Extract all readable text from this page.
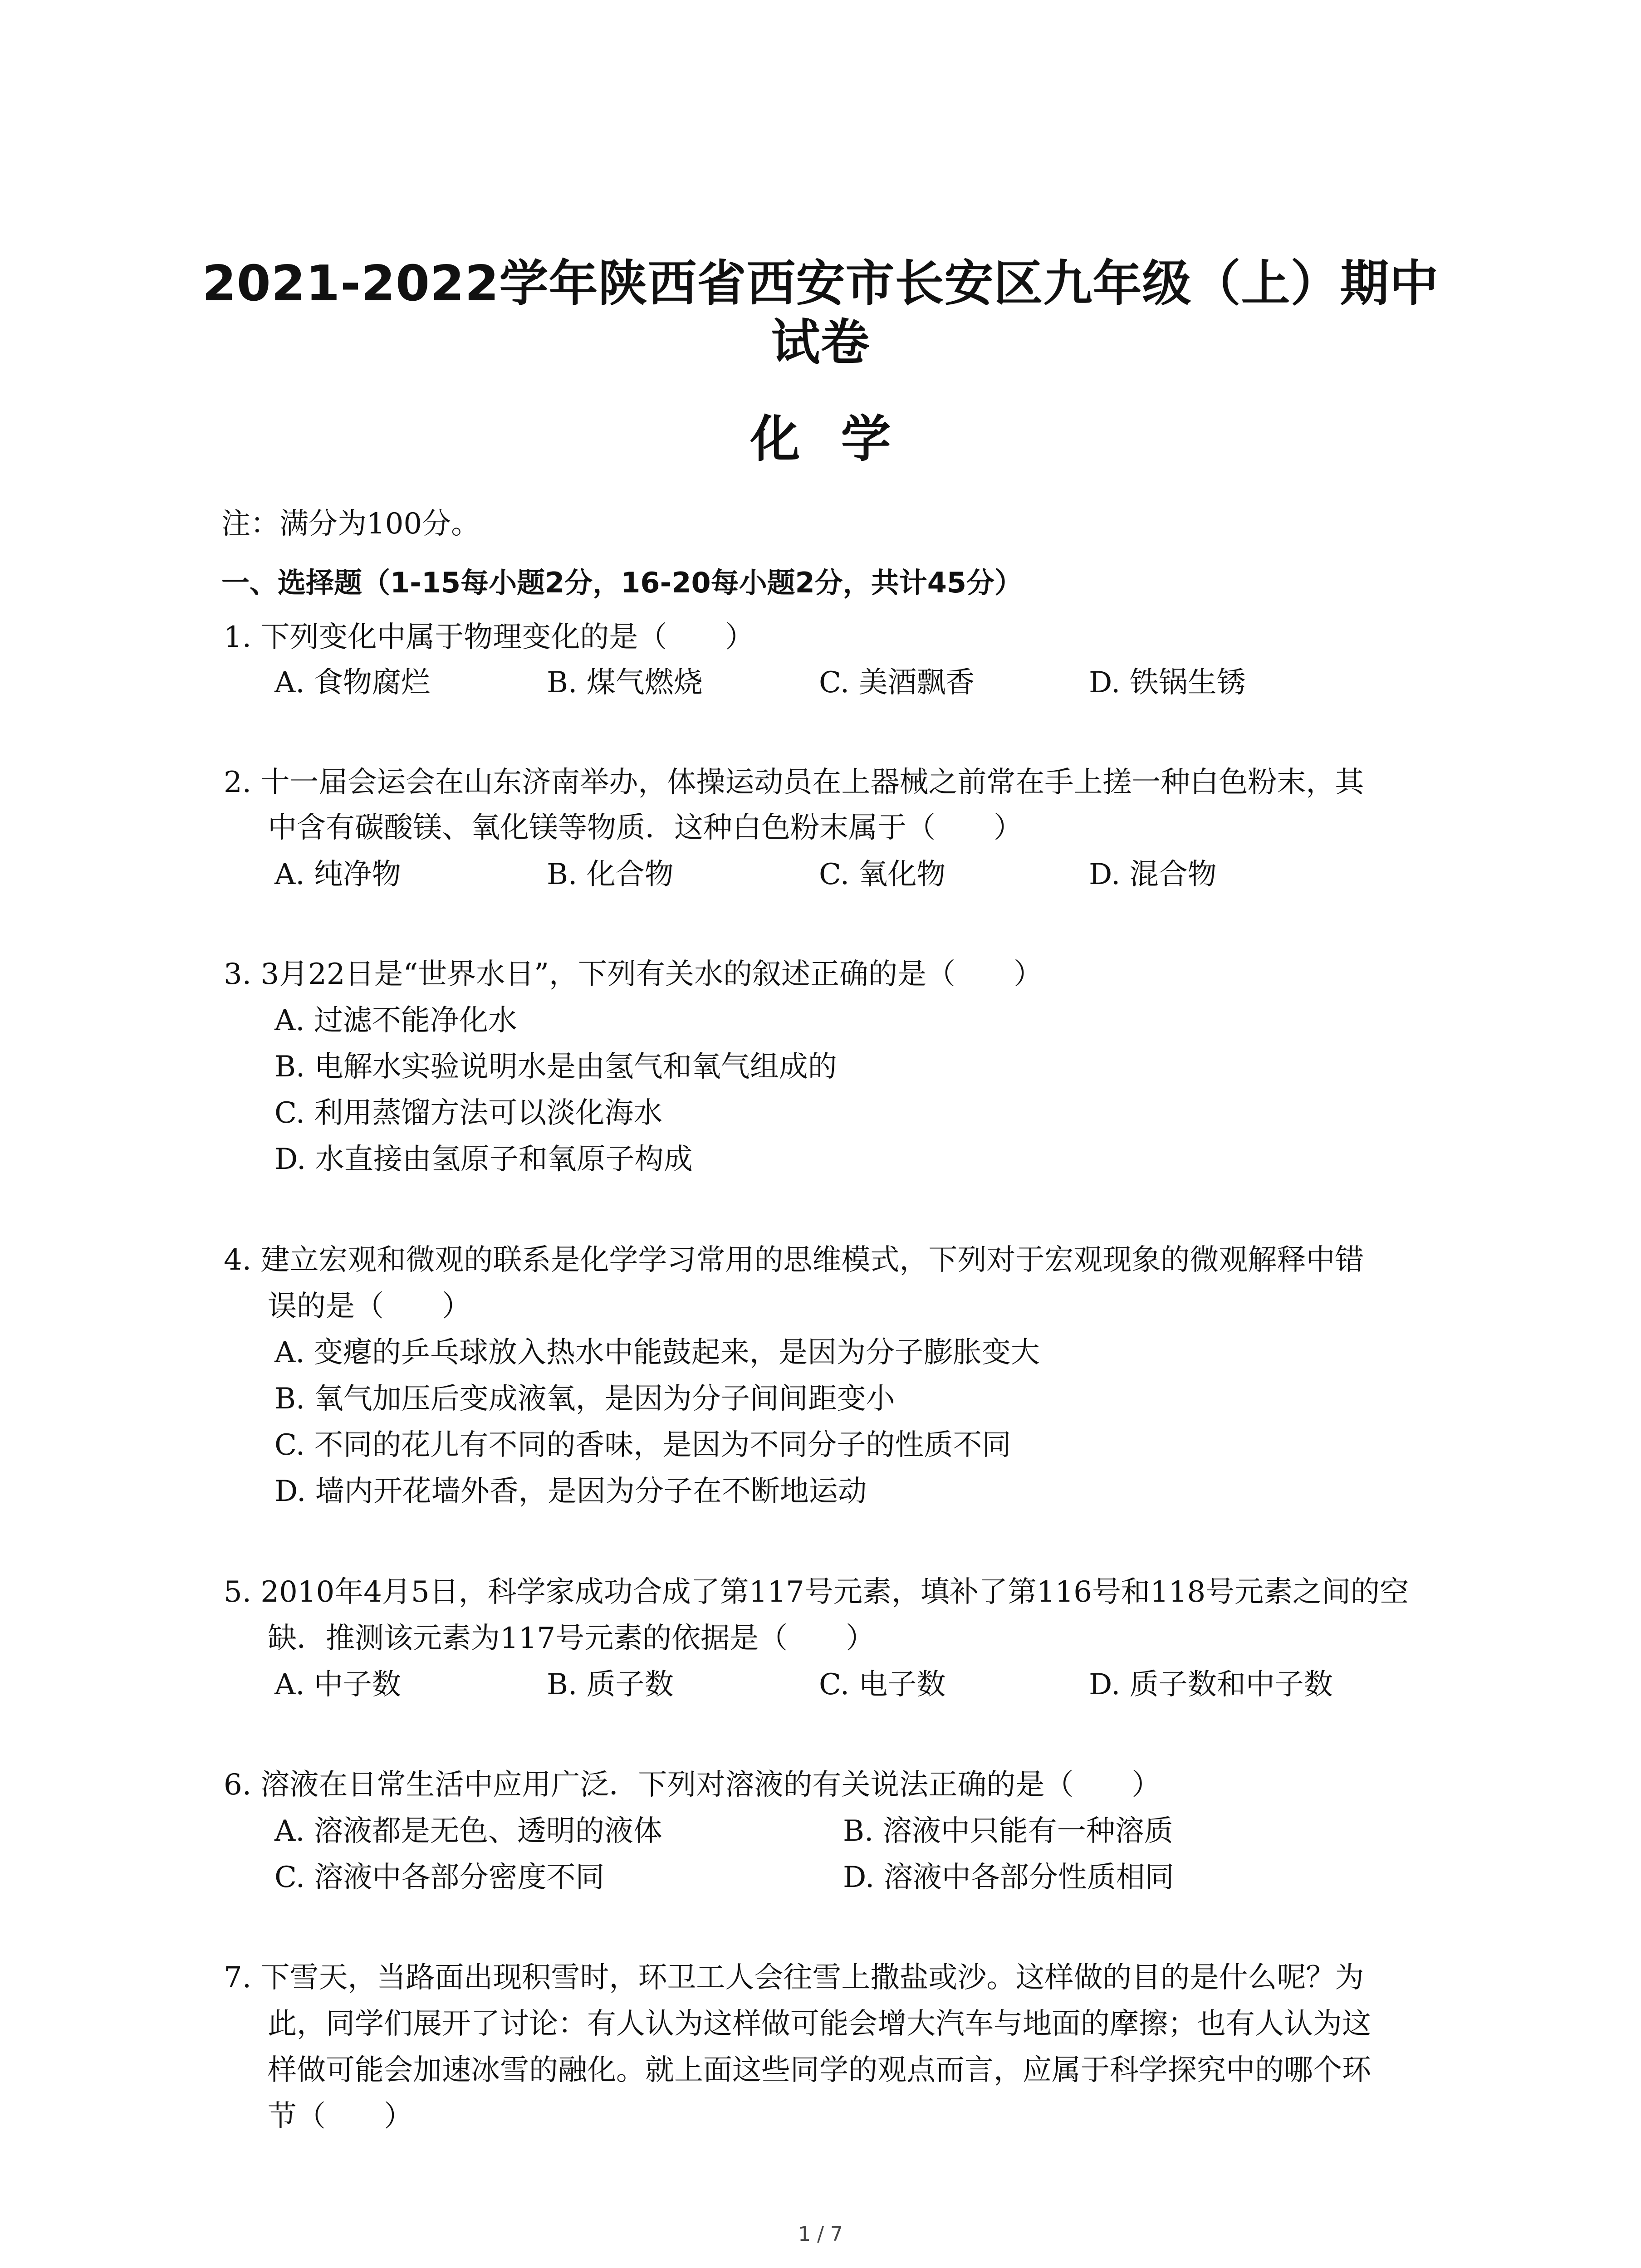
2021-2022学年陕西省西安市长安区九年级（上）期中
试卷
化学
注：满分为100分。
一、选择题（1-15每小题2分，16-20每小题2分，共计45分）
1. 下列变化中属于物理变化的是（　　）
A. 食物腐烂	B. 煤气燃烧	C. 美酒飘香	D. 铁锅生锈
2. 十一届会运会在山东济南举办，体操运动员在上器械之前常在手上搓一种白色粉末，其
中含有碳酸镁、氧化镁等物质．这种白色粉末属于（　　）
A. 纯净物	B. 化合物	C. 氧化物	D. 混合物
3. 3月22日是“世界水日”，下列有关水的叙述正确的是（　　）
A. 过滤不能净化水
B. 电解水实验说明水是由氢气和氧气组成的
C. 利用蒸馏方法可以淡化海水
D. 水直接由氢原子和氧原子构成
4. 建立宏观和微观的联系是化学学习常用的思维模式，下列对于宏观现象的微观解释中错
误的是（　　）
A. 变瘪的乒乓球放入热水中能鼓起来，是因为分子膨胀变大
B. 氧气加压后变成液氧，是因为分子间间距变小
C. 不同的花儿有不同的香味，是因为不同分子的性质不同
D. 墙内开花墙外香，是因为分子在不断地运动
5. 2010年4月5日，科学家成功合成了第117号元素，填补了第116号和118号元素之间的空
缺．推测该元素为117号元素的依据是（　　）
A. 中子数	B. 质子数	C. 电子数	D. 质子数和中子数
6. 溶液在日常生活中应用广泛．下列对溶液的有关说法正确的是（　　）
A. 溶液都是无色、透明的液体	B. 溶液中只能有一种溶质
C. 溶液中各部分密度不同	D. 溶液中各部分性质相同
7. 下雪天，当路面出现积雪时，环卫工人会往雪上撒盐或沙。这样做的目的是什么呢？为
此，同学们展开了讨论：有人认为这样做可能会增大汽车与地面的摩擦；也有人认为这
样做可能会加速冰雪的融化。就上面这些同学的观点而言，应属于科学探究中的哪个环
节（　　）
1 / 7
